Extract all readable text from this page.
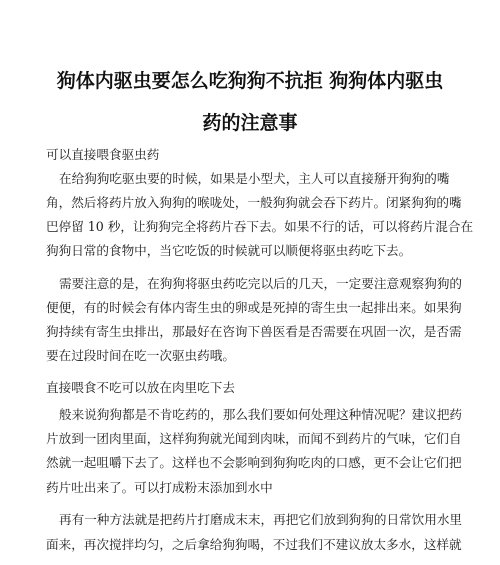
狗体内驱虫要怎么吃狗狗不抗拒 狗狗体内驱虫
药的注意事

可以直接喂食驱虫药

在给狗狗吃驱虫要的时候，如果是小型犬，主人可以直接掰开狗狗的嘴

角，然后将药片放入狗狗的喉咙处，一般狗狗就会吞下药片。闭紧狗狗的嘴

巴停留 10 秒，让狗狗完全将药片吞下去。如果不行的话，可以将药片混合在

狗狗日常的食物中，当它吃饭的时候就可以顺便将驱虫药吃下去。

需要注意的是，在狗狗将驱虫药吃完以后的几天，一定要注意观察狗狗的

便便，有的时候会有体内寄生虫的卵或是死掉的寄生虫一起排出来。如果狗

狗持续有寄生虫排出，那最好在咨询下兽医看是否需要在巩固一次，是否需

要在过段时间在吃一次驱虫药哦。

直接喂食不吃可以放在肉里吃下去

般来说狗狗都是不肯吃药的，那么我们要如何处理这种情况呢？建议把药

片放到一团肉里面，这样狗狗就光闻到肉味，而闻不到药片的气味，它们自

然就一起咀嚼下去了。这样也不会影响到狗狗吃肉的口感，更不会让它们把

药片吐出来了。可以打成粉末添加到水中

再有一种方法就是把药片打磨成末末，再把它们放到狗狗的日常饮用水里

面来，再次搅拌均匀，之后拿给狗狗喝，不过我们不建议放太多水，这样就
